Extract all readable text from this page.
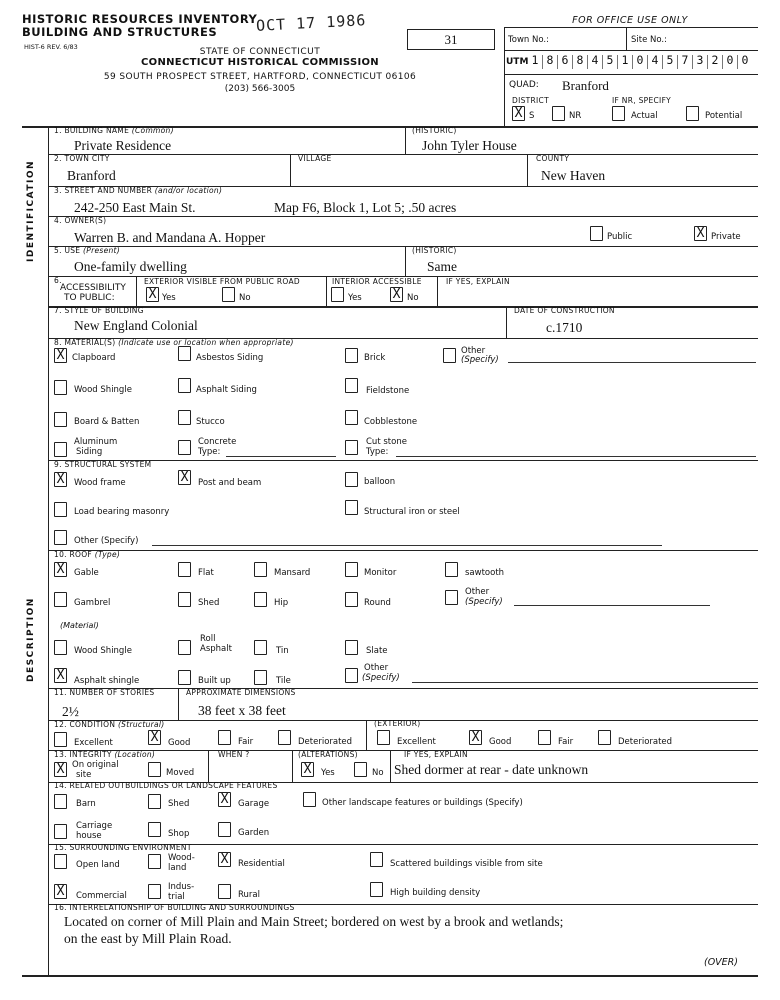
HISTORIC RESOURCES INVENTORY
BUILDING AND STRUCTURES
HIST-6 REV. 6/83
OCT 17 1986
31
STATE OF CONNECTICUT
CONNECTICUT HISTORICAL COMMISSION
59 SOUTH PROSPECT STREET, HARTFORD, CONNECTICUT 06106
(203) 566-3005
FOR OFFICE USE ONLY
Town No.:	Site No.:
UTM 1 8 6 8 4 5 1 0 4 5 7 3 2 0 0
QUAD: Branford
DISTRICT	IF NR, SPECIFY
X S	NR	Actual	Potential
IDENTIFICATION
DESCRIPTION
1. BUILDING NAME (Common)	(HISTORIC)
Private Residence	John Tyler House
2. TOWN CITY	VILLAGE	COUNTY
Branford	New Haven
3. STREET AND NUMBER (and/or location)
242-250 East Main St.	Map F6, Block 1, Lot 5; .50 acres
4. OWNER(S)
Warren B. and Mandana A. Hopper	Public	X Private
5. USE (Present)	(HISTORIC)
One-family dwelling	Same
6.
ACCESSIBILITY
TO PUBLIC:
EXTERIOR VISIBLE FROM PUBLIC ROAD
X Yes	No
INTERIOR ACCESSIBLE
Yes X No
IF YES, EXPLAIN
7. STYLE OF BUILDING	DATE OF CONSTRUCTION
New England Colonial	c.1710
8. MATERIAL(S) (Indicate use or location when appropriate)
X Clapboard	Asbestos Siding	Brick
Other
(Specify)
Wood Shingle	Asphalt Siding	Fieldstone
Board & Batten	Stucco	Cobblestone
Aluminum
Siding
Concrete
Type:
Cut stone
Type:
9. STRUCTURAL SYSTEM
X	Wood frame	X	Post and beam	balloon
Load bearing masonry	Structural iron or steel
Other (Specify)
10. ROOF (Type)
X	Gable	Flat	Mansard	Monitor	sawtooth
Gambrel	Shed	Hip	Round
Other
(Specify)
(Material)
Wood Shingle
Roll
Asphalt	Tin	Slate
X	Asphalt shingle	Built up	Tile
Other
(Specify)
11. NUMBER OF STORIES	APPROXIMATE DIMENSIONS
2½	38 feet x 38 feet
12. CONDITION (Structural)	(EXTERIOR)
Excellent	X	Good	Fair	Deteriorated	Excellent	X	Good	Fair	Deteriorated
13. INTEGRITY (Location)	WHEN ?	(ALTERATIONS)	IF YES, EXPLAIN
X On original
site	Moved	X	Yes	No Shed dormer at rear - date unknown
14. RELATED OUTBUILDINGS OR LANDSCAPE FEATURES
Barn	Shed X	Garage	Other landscape features or buildings (Specify)
Carriage
house	Shop	Garden
15. SURROUNDING ENVIRONMENT
Open land
Wood-
land
X	Residential	Scattered buildings visible from site
X	Commercial
Indus-
trial	Rural	High building density
16. INTERRELATIONSHIP OF BUILDING AND SURROUNDINGS
Located on corner of Mill Plain and Main Street; bordered on west by a brook and wetlands;
on the east by Mill Plain Road.
(OVER)
